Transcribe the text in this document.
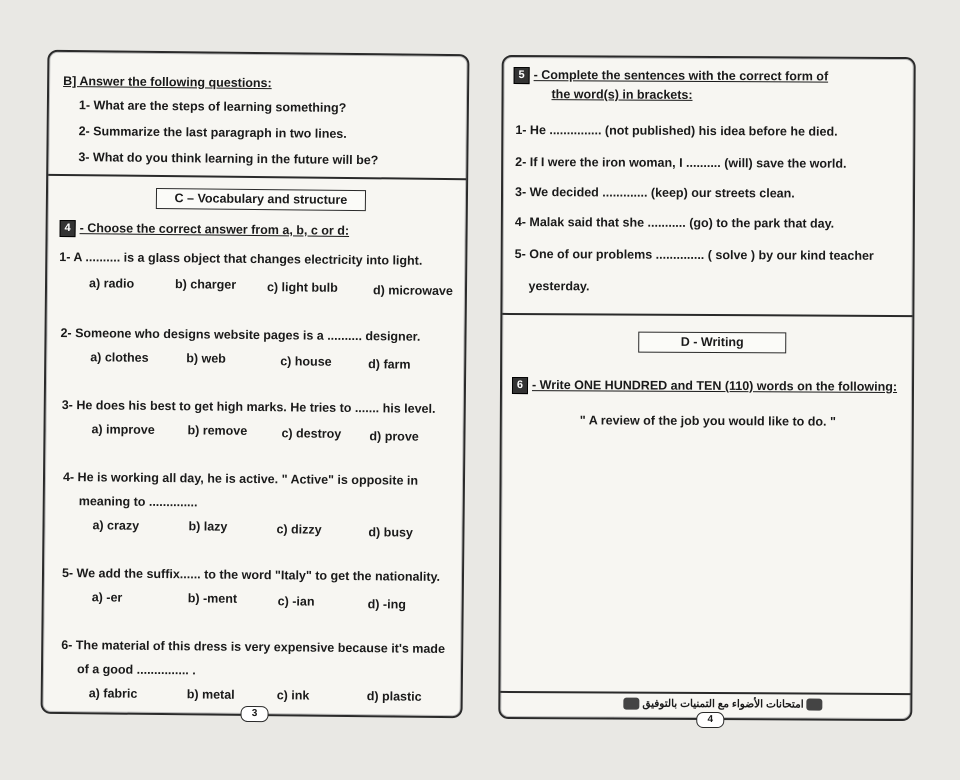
B] Answer the following questions:
1- What are the steps of learning something?
2- Summarize the last paragraph in two lines.
3- What do you think learning in the future will be?
C – Vocabulary and structure
4 - Choose the correct answer from a, b, c or d:
1- A .......... is a glass object that changes electricity into light.
a) radio	b) charger c) light bulb	d) microwave
2- Someone who designs website pages is a .......... designer.
a) clothes	b) web	c) house	d) farm
3- He does his best to get high marks. He tries to ....... his level.
a) improve	b) remove	c) destroy d) prove
4- He is working all day, he is active. " Active" is opposite in
meaning to ..............
a) crazy	b) lazy	c) dizzy	d) busy
5- We add the suffix...... to the word "Italy" to get the nationality.
a) -er	b) -ment	c) -ian	d) -ing
6- The material of this dress is very expensive because it's made
of a good ............... .
a) fabric	b) metal	c) ink	d) plastic
3
5 - Complete the sentences with the correct form of
the word(s) in brackets:
1- He ............... (not published) his idea before he died.
2- If I were the iron woman, I .......... (will) save the world.
3- We decided ............. (keep) our streets clean.
4- Malak said that she ........... (go) to the park that day.
5- One of our problems .............. ( solve ) by our kind teacher
yesterday.
D - Writing
6 - Write ONE HUNDRED and TEN (110) words on the following:
" A review of the job you would like to do. "
امتحانات الأضواء مع التمنيات بالتوفيق
4
